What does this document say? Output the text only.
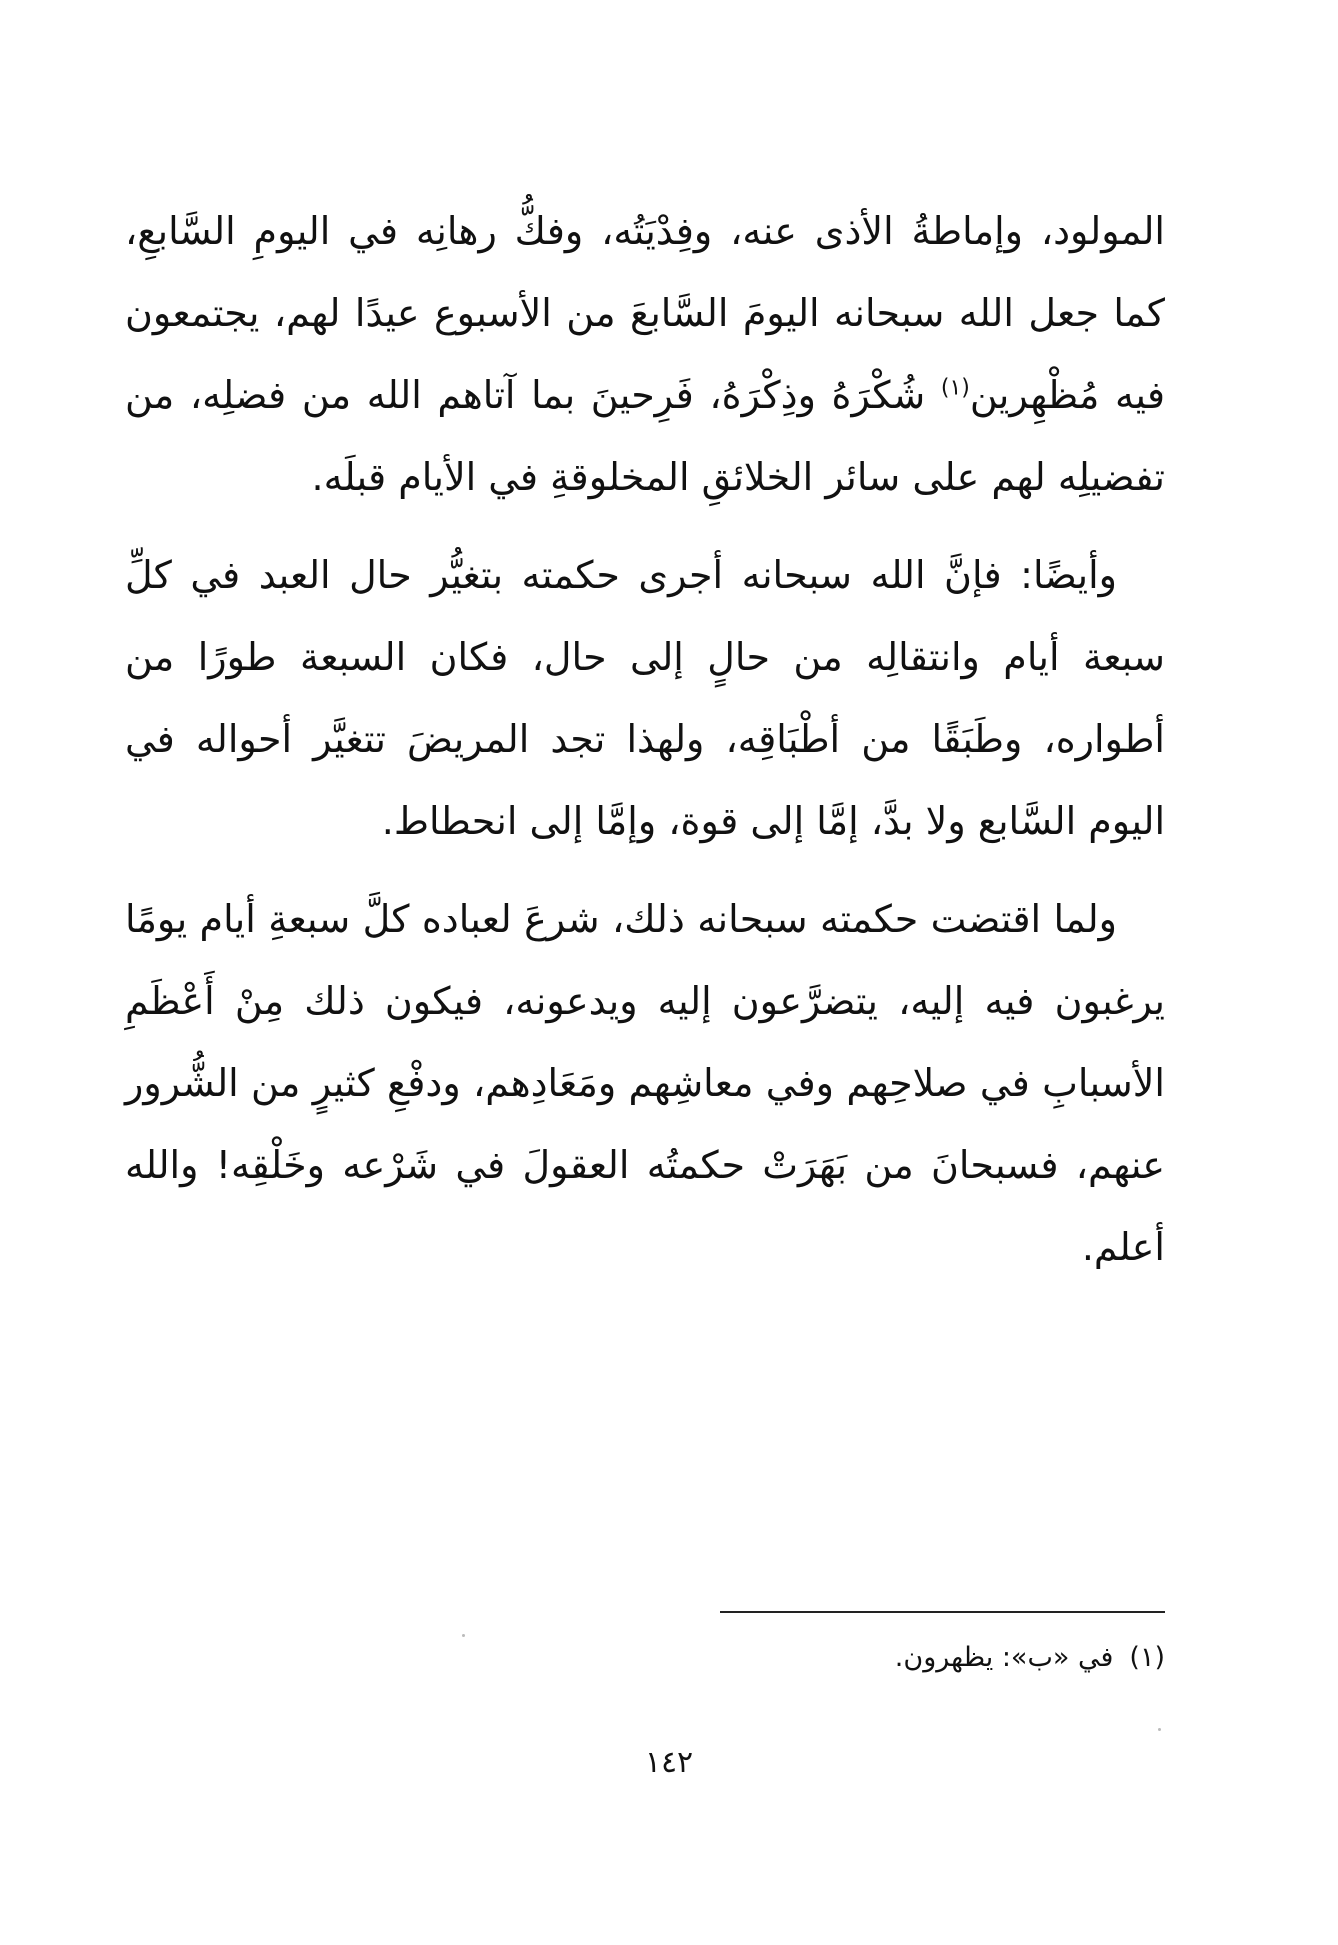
المولود، وإماطةُ الأذى عنه، وفِدْيَتُه، وفكُّ رهانِه في اليومِ السَّابعِ، كما جعل الله سبحانه اليومَ السَّابعَ من الأسبوع عيدًا لهم، يجتمعون فيه مُظْهِرين$^{(١)}$ شُكْرَهُ وذِكْرَهُ، فَرِحينَ بما آتاهم الله من فضلِه، من تفضيلِه لهم على سائر الخلائقِ المخلوقةِ في الأيام قبلَه.

وأيضًا: فإنَّ الله سبحانه أجرى حكمته بتغيُّر حال العبد في كلِّ سبعة أيام وانتقالِه من حالٍ إلى حال، فكان السبعة طورًا من أطواره، وطَبَقًا من أطْبَاقِه، ولهذا تجد المريضَ تتغيَّر أحواله في اليوم السَّابع ولا بدَّ، إمَّا إلى قوة، وإمَّا إلى انحطاط.

ولما اقتضت حكمته سبحانه ذلك، شرعَ لعباده كلَّ سبعةِ أيام يومًا يرغبون فيه إليه، يتضرَّعون إليه ويدعونه، فيكون ذلك مِنْ أَعْظَمِ الأسبابِ في صلاحِهم وفي معاشِهم ومَعَادِهم، ودفْعِ كثيرٍ من الشُّرور عنهم، فسبحانَ من بَهَرَتْ حكمتُه العقولَ في شَرْعه وخَلْقِه! والله أعلم.

(١)في «ب»: يظهرون.
١٤٢
